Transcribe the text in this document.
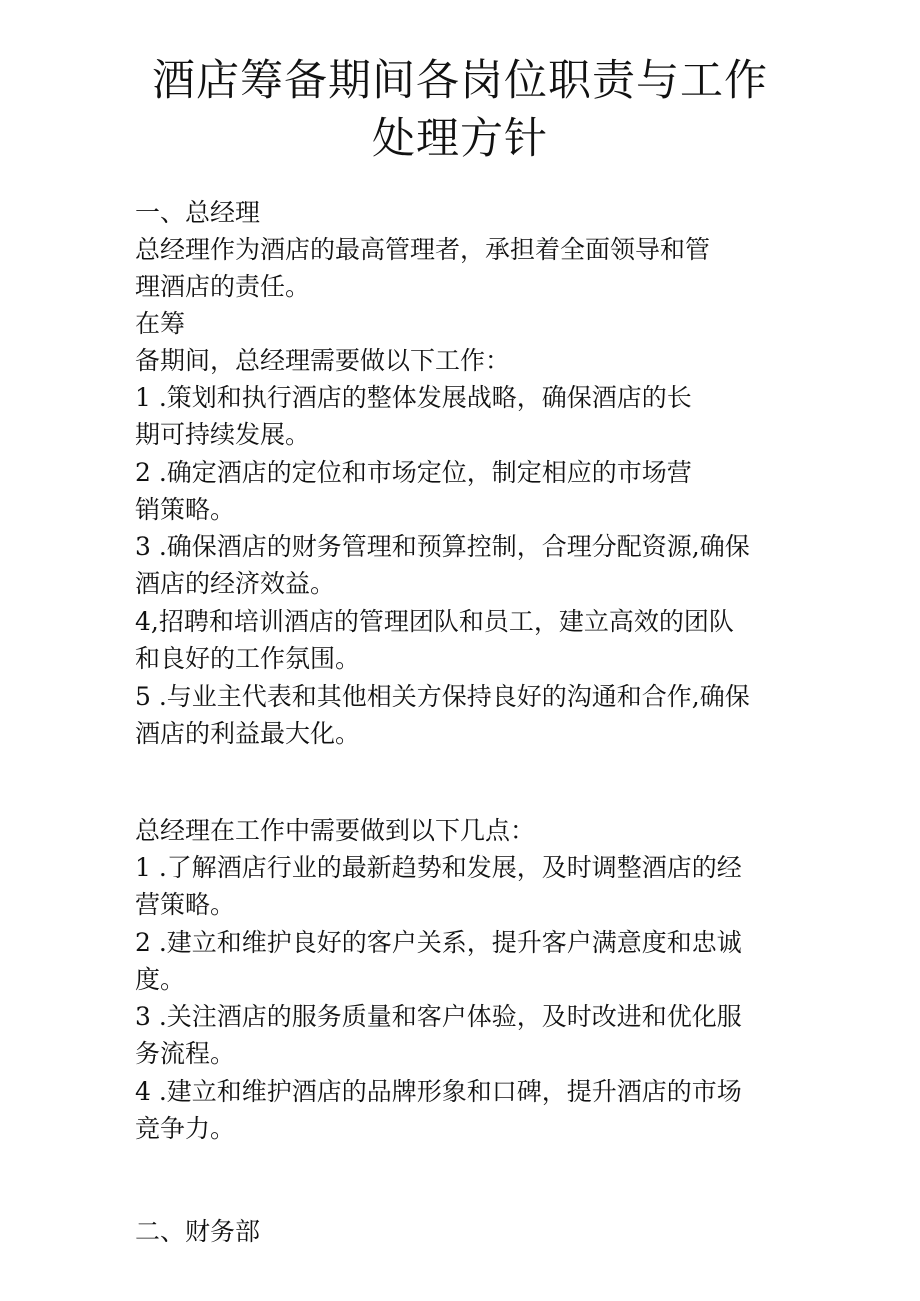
酒店筹备期间各岗位职责与工作
处理方针

一、总经理

总经理作为酒店的最高管理者，承担着全面领导和管

理酒店的责任。

在筹

备期间，总经理需要做以下工作：

1 .策划和执行酒店的整体发展战略，确保酒店的长

期可持续发展。

2 .确定酒店的定位和市场定位，制定相应的市场营

销策略。

3 .确保酒店的财务管理和预算控制，合理分配资源,确保

酒店的经济效益。

4,招聘和培训酒店的管理团队和员工，建立高效的团队

和良好的工作氛围。

5 .与业主代表和其他相关方保持良好的沟通和合作,确保

酒店的利益最大化。

总经理在工作中需要做到以下几点：

1 .了解酒店行业的最新趋势和发展，及时调整酒店的经

营策略。

2 .建立和维护良好的客户关系，提升客户满意度和忠诚

度。

3 .关注酒店的服务质量和客户体验，及时改进和优化服

务流程。

4 .建立和维护酒店的品牌形象和口碑，提升酒店的市场

竞争力。

二、财务部
